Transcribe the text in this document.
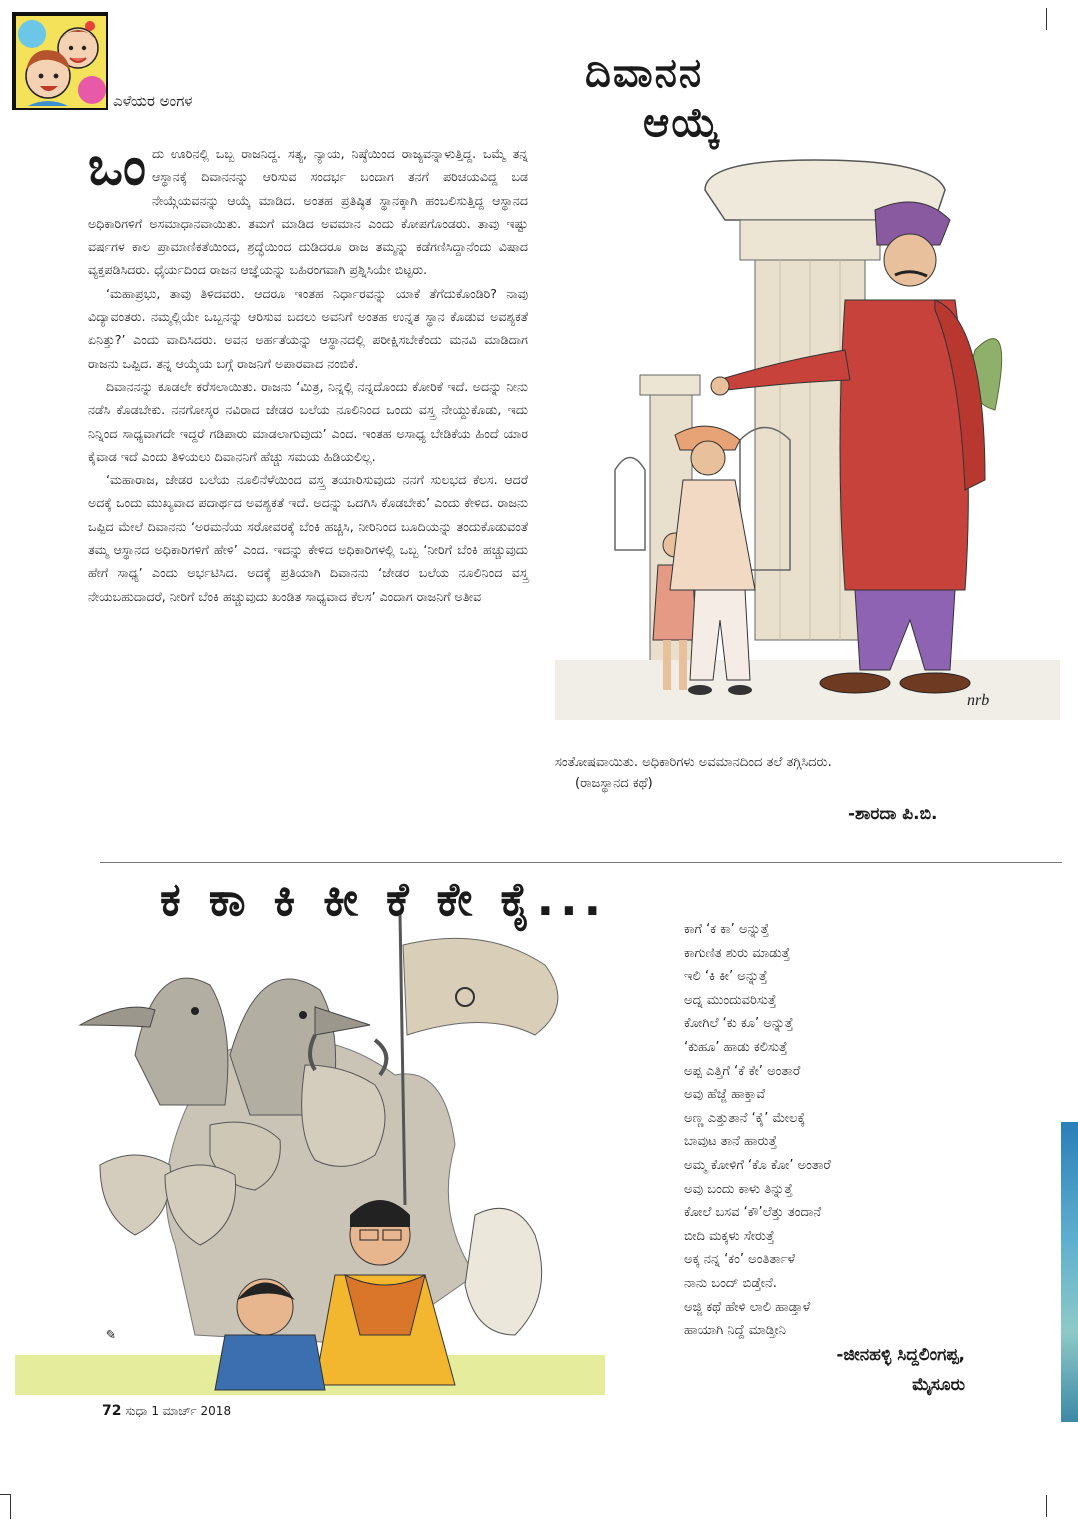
ಎಳೆಯರ ಅಂಗಳ
ದಿವಾನನ
ಆಯ್ಕೆ

ಒಂದು ಊರಿನಲ್ಲಿ ಒಬ್ಬ ರಾಜನಿದ್ದ. ಸತ್ಯ, ನ್ಯಾಯ, ನಿಷ್ಠೆಯಿಂದ ರಾಜ್ಯವನ್ನಾಳುತ್ತಿದ್ದ. ಒಮ್ಮೆ ತನ್ನ ಆಸ್ಥಾನಕ್ಕೆ ದಿವಾನನನ್ನು ಆರಿಸುವ ಸಂದರ್ಭ ಬಂದಾಗ ತನಗೆ ಪರಿಚಯವಿದ್ದ ಬಡ ನೇಯ್ಗೆಯವನನ್ನು ಆಯ್ಕೆ ಮಾಡಿದ. ಅಂತಹ ಪ್ರತಿಷ್ಠಿತ ಸ್ಥಾನಕ್ಕಾಗಿ ಹಂಬಲಿಸುತ್ತಿದ್ದ ಆಸ್ಥಾನದ ಅಧಿಕಾರಿಗಳಿಗೆ ಅಸಮಾಧಾನವಾಯಿತು. ತಮಗೆ ಮಾಡಿದ ಅವಮಾನ ಎಂದು ಕೋಪಗೊಂಡರು. ತಾವು ಇಷ್ಟು ವರ್ಷಗಳ ಕಾಲ ಪ್ರಾಮಾಣಿಕತೆಯಿಂದ, ಶ್ರದ್ಧೆಯಿಂದ ದುಡಿದರೂ ರಾಜ ತಮ್ಮನ್ನು ಕಡೆಗಣಿಸಿದ್ದಾನೆಂದು ವಿಷಾದ ವ್ಯಕ್ತಪಡಿಸಿದರು. ಧೈರ್ಯದಿಂದ ರಾಜನ ಆಜ್ಞೆಯನ್ನು ಬಹಿರಂಗವಾಗಿ ಪ್ರಶ್ನಿಸಿಯೇ ಬಿಟ್ಟರು.

‘ಮಹಾಪ್ರಭು, ತಾವು ತಿಳಿದವರು. ಆದರೂ ಇಂತಹ ನಿರ್ಧಾರವನ್ನು ಯಾಕೆ ತೆಗೆದುಕೊಂಡಿರಿ? ನಾವು ವಿದ್ಯಾವಂತರು. ನಮ್ಮಲ್ಲಿಯೇ ಒಬ್ಬನನ್ನು ಆರಿಸುವ ಬದಲು ಅವನಿಗೆ ಅಂತಹ ಉನ್ನತ ಸ್ಥಾನ ಕೊಡುವ ಅವಶ್ಯಕತೆ ಏನಿತ್ತು?’ ಎಂದು ವಾದಿಸಿದರು. ಅವನ ಅರ್ಹತೆಯನ್ನು ಆಸ್ಥಾನದಲ್ಲಿ ಪರೀಕ್ಷಿಸಬೇಕೆಂದು ಮನವಿ ಮಾಡಿದಾಗ ರಾಜನು ಒಪ್ಪಿದ. ತನ್ನ ಆಯ್ಕೆಯ ಬಗ್ಗೆ ರಾಜನಿಗೆ ಅಪಾರವಾದ ನಂಬಿಕೆ.

ದಿವಾನನನ್ನು ಕೂಡಲೇ ಕರೆಸಲಾಯಿತು. ರಾಜನು ‘ಮಿತ್ರ, ನಿನ್ನಲ್ಲಿ ನನ್ನದೊಂದು ಕೋರಿಕೆ ಇದೆ. ಅದನ್ನು ನೀನು ನಡೆಸಿ ಕೊಡಬೇಕು. ನನಗೋಸ್ಕರ ನವಿರಾದ ಜೇಡರ ಬಲೆಯ ನೂಲಿನಿಂದ ಒಂದು ವಸ್ತ್ರ ನೇಯ್ದುಕೊಡು, ಇದು ನಿನ್ನಿಂದ ಸಾಧ್ಯವಾಗದೇ ಇದ್ದರೆ ಗಡಿಪಾರು ಮಾಡಲಾಗುವುದು’ ಎಂದ. ಇಂತಹ ಅಸಾಧ್ಯ ಬೇಡಿಕೆಯ ಹಿಂದೆ ಯಾರ ಕೈವಾಡ ಇದೆ ಎಂದು ತಿಳಿಯಲು ದಿವಾನನಿಗೆ ಹೆಚ್ಚು ಸಮಯ ಹಿಡಿಯಲಿಲ್ಲ.

‘ಮಹಾರಾಜ, ಜೇಡರ ಬಲೆಯ ನೂಲಿನೆಳೆಯಿಂದ ವಸ್ತ್ರ ತಯಾರಿಸುವುದು ನನಗೆ ಸುಲಭದ ಕೆಲಸ. ಆದರೆ ಅದಕ್ಕೆ ಒಂದು ಮುಖ್ಯವಾದ ಪದಾರ್ಥದ ಅವಶ್ಯಕತೆ ಇದೆ. ಅದನ್ನು ಒದಗಿಸಿ ಕೊಡಬೇಕು’ ಎಂದು ಕೇಳಿದ. ರಾಜನು ಒಪ್ಪಿದ ಮೇಲೆ ದಿವಾನನು ‘ಅರಮನೆಯ ಸರೋವರಕ್ಕೆ ಬೆಂಕಿ ಹಚ್ಚಿಸಿ, ನೀರಿನಿಂದ ಬೂದಿಯನ್ನು ತಂದುಕೊಡುವಂತೆ ತಮ್ಮ ಆಸ್ಥಾನದ ಅಧಿಕಾರಿಗಳಿಗೆ ಹೇಳಿ’ ಎಂದ. ಇದನ್ನು ಕೇಳಿದ ಅಧಿಕಾರಿಗಳಲ್ಲಿ ಒಬ್ಬ ‘ನೀರಿಗೆ ಬೆಂಕಿ ಹಚ್ಚುವುದು ಹೇಗೆ ಸಾಧ್ಯ’ ಎಂದು ಅರ್ಭಟಿಸಿದ. ಅದಕ್ಕೆ ಪ್ರತಿಯಾಗಿ ದಿವಾನನು ‘ಜೇಡರ ಬಲೆಯ ನೂಲಿನಿಂದ ವಸ್ತ್ರ ನೇಯಬಹುದಾದರೆ, ನೀರಿಗೆ ಬೆಂಕಿ ಹಚ್ಚುವುದು ಖಂಡಿತ ಸಾಧ್ಯವಾದ ಕೆಲಸ’ ಎಂದಾಗ ರಾಜನಿಗೆ ಅತೀವ

nrb
ಸಂತೋಷವಾಯಿತು. ಅಧಿಕಾರಿಗಳು ಅವಮಾನದಿಂದ ತಲೆ ತಗ್ಗಿಸಿದರು.
(ರಾಜಸ್ಥಾನದ ಕಥೆ)
-ಶಾರದಾ ಪಿ.ಬಿ.
ಕ ಕಾ ಕಿ ಕೀ ಕೆ ಕೇ ಕೈ...
✎
ಕಾಗೆ ‘ಕ ಕಾ’ ಅನ್ನುತ್ತೆ
ಕಾಗುಣಿತ ಶುರು ಮಾಡುತ್ತೆ
ಇಲಿ ‘ಕಿ ಕೀ’ ಅನ್ನುತ್ತೆ
ಅದ್ನ ಮುಂದುವರಿಸುತ್ತೆ
ಕೋಗಿಲೆ ‘ಕು ಕೂ’ ಅನ್ನುತ್ತೆ
‘ಕುಹೂ’ ಹಾಡು ಕಲಿಸುತ್ತೆ
ಅಪ್ಪ ಎತ್ತಿಗೆ ‘ಕೆ ಕೇ’ ಅಂತಾರೆ
ಅವು ಹೆಜ್ಜೆ ಹಾಕ್ತಾವೆ
ಅಣ್ಣ ಎತ್ತುತಾನೆ ‘ಕೈ’ ಮೇಲಕ್ಕೆ
ಬಾವುಟ ತಾನೆ ಹಾರುತ್ತೆ
ಅಮ್ಮ ಕೋಳಿಗೆ ‘ಕೊ ಕೋ’ ಅಂತಾರೆ
ಅವು ಬಂದು ಕಾಳು ತಿನ್ನುತ್ತೆ
ಕೋಲೆ ಬಸವ ‘ಕೌ’ಲೆತ್ತು ತಂದಾನೆ
ಬೀದಿ ಮಕ್ಕಳು ಸೇರುತ್ತೆ
ಅಕ್ಕ ನನ್ನ ‘ಕಂ’ ಅಂತಿರ್ತಾಳೆ
ನಾನು ಬಂದ್ ಬಿಡ್ತೇನೆ.
ಅಜ್ಜಿ ಕಥೆ ಹೇಳಿ ಲಾಲಿ ಹಾಡ್ತಾಳೆ
ಹಾಯಾಗಿ ನಿದ್ದೆ ಮಾಡ್ತೀನಿ
-ಜೀನಹಳ್ಳಿ ಸಿದ್ದಲಿಂಗಪ್ಪ,
ಮೈಸೂರು
72 ಸುಧಾ 1 ಮಾರ್ಚ್ 2018
